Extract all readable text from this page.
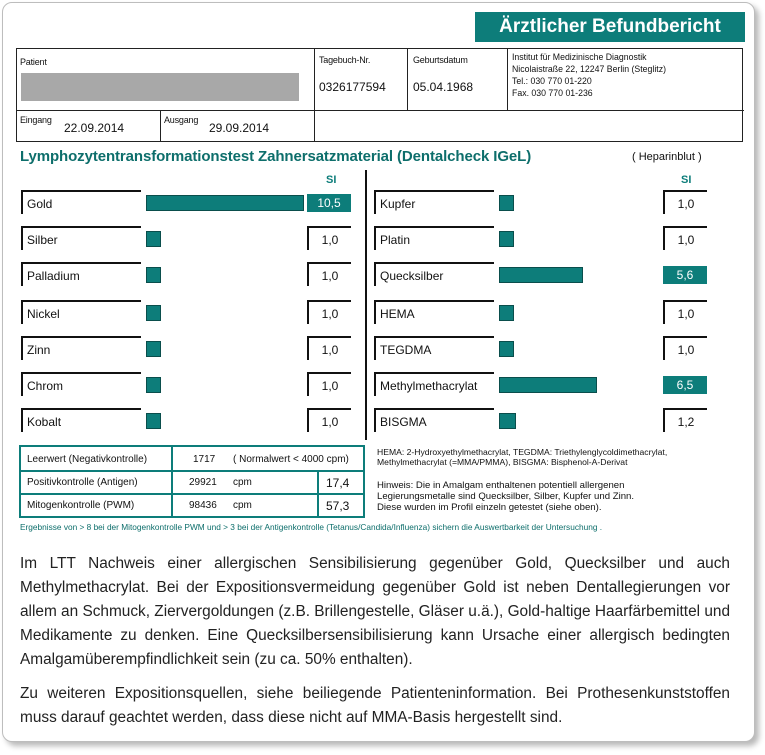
Ärztlicher Befundbericht
Patient	Tagebuch-Nr.
0326177594
Geburtsdatum
05.04.1968
Institut für Medizinische Diagnostik
Nicolaistraße 22, 12247 Berlin (Steglitz)
Tel.: 030 770 01-220
Fax. 030 770 01-236
Eingang
22.09.2014
Ausgang
29.09.2014
Lymphozytentransformationstest Zahnersatzmaterial (Dentalcheck IGeL)	( Heparinblut )
SI	SI
Gold	10,5
Silber	1,0
Palladium	1,0
Nickel	1,0
Zinn	1,0
Chrom	1,0
Kobalt	1,0
Kupfer	1,0
Platin	1,0
Quecksilber	5,6
HEMA	1,0
TEGDMA	1,0
Methylmethacrylat	6,5
BISGMA	1,2
Leerwert (Negativkontrolle)	1717 ( Normalwert < 4000 cpm)
Positivkontrolle (Antigen)	29921 cpm	17,4
Mitogenkontrolle (PWM)	98436 cpm	57,3
HEMA: 2-Hydroxyethylmethacrylat, TEGDMA: Triethylenglycoldimethacrylat,
Methylmethacrylat (=MMA/PMMA), BISGMA: Bisphenol-A-Derivat
Hinweis: Die in Amalgam enthaltenen potentiell allergenen
Legierungsmetalle sind Quecksilber, Silber, Kupfer und Zinn.
Diese wurden im Profil einzeln getestet (siehe oben).
Ergebnisse von > 8 bei der Mitogenkontrolle PWM und > 3 bei der Antigenkontrolle (Tetanus/Candida/Influenza) sichern die Auswertbarkeit der Untersuchung .
Im LTT Nachweis einer allergischen Sensibilisierung gegenüber Gold, Quecksilber und auch Methylmethacrylat. Bei der Expositionsvermeidung gegenüber Gold ist neben Dentallegierungen vor allem an Schmuck, Ziervergoldungen (z.B. Brillengestelle, Gläser u.ä.), Gold-haltige Haarfärbemittel und Medikamente zu denken. Eine Quecksilbersensibilisierung kann Ursache einer allergisch bedingten Amalgamüberempfindlichkeit sein (zu ca. 50% enthalten).
Zu weiteren Expositionsquellen, siehe beiliegende Patienteninformation. Bei Prothesenkunststoffen muss darauf geachtet werden, dass diese nicht auf MMA-Basis hergestellt sind.
